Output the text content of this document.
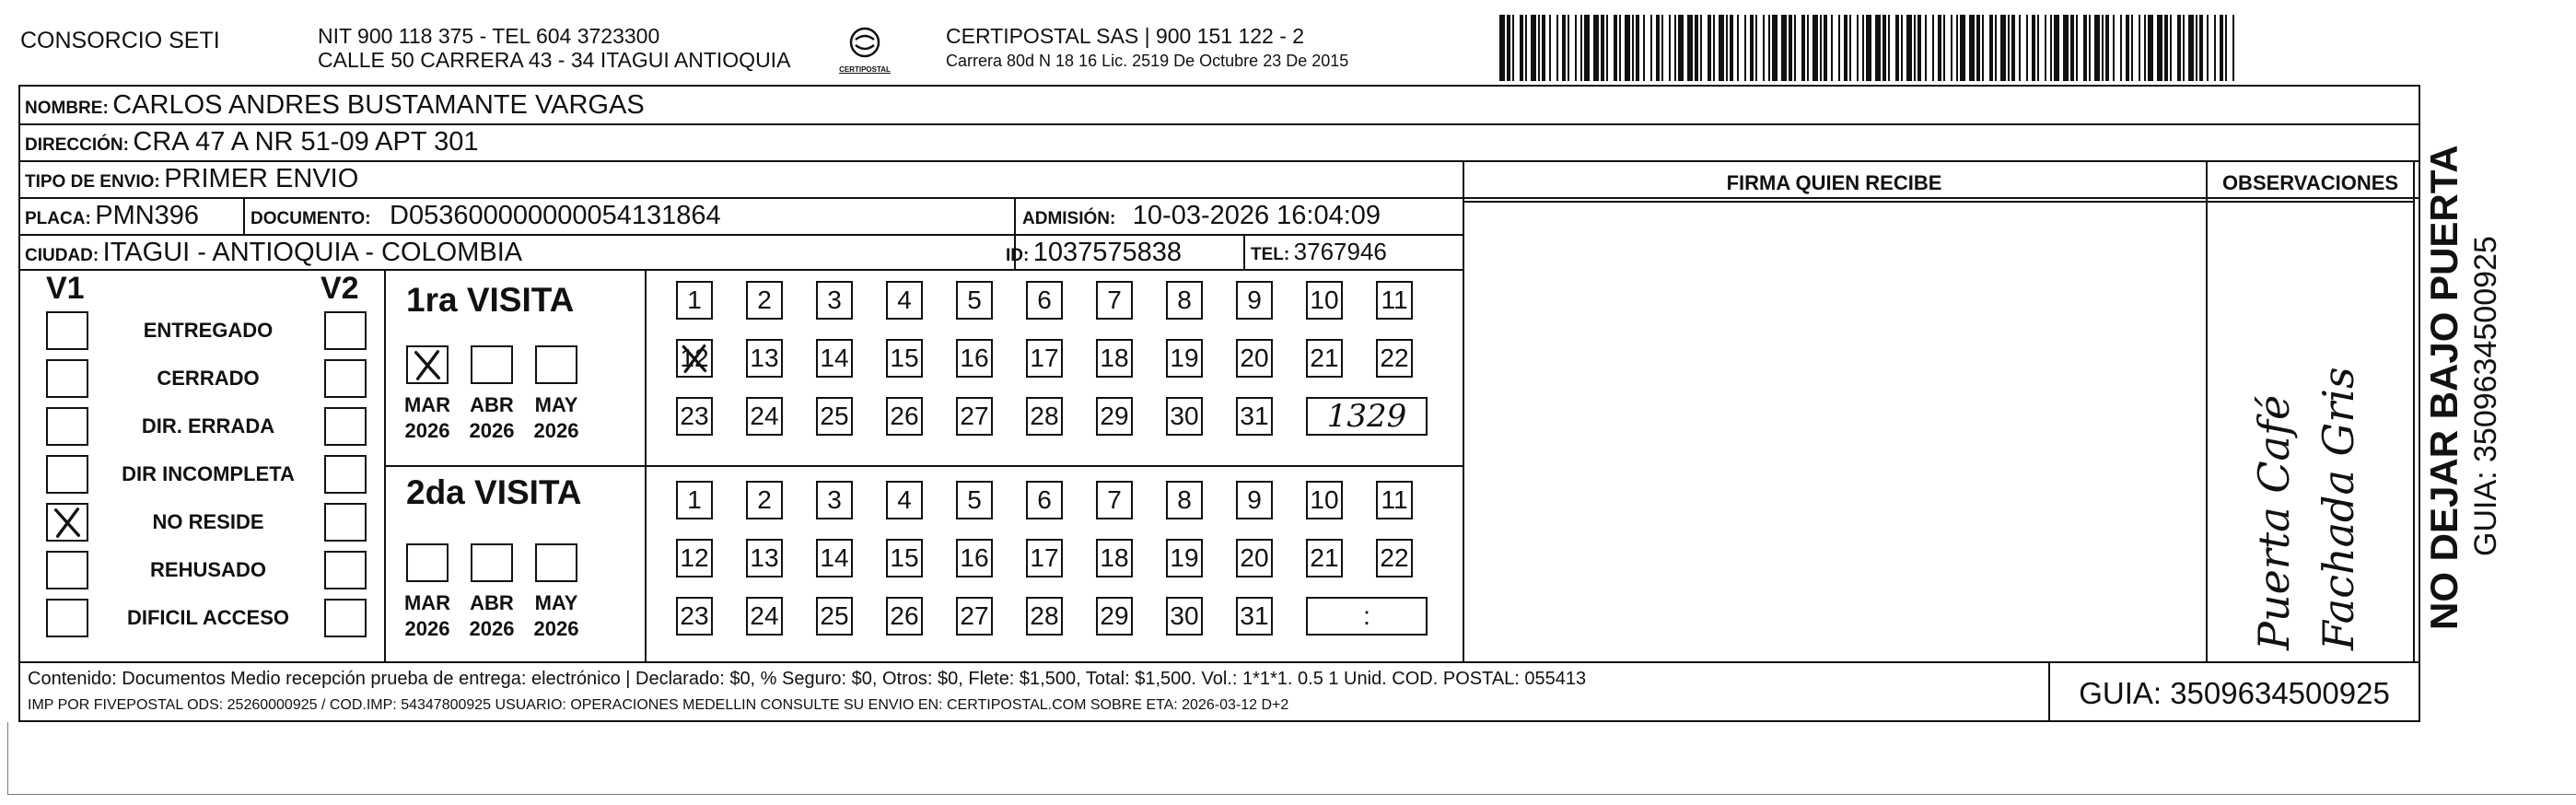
CONSORCIO SETI	NIT 900 118 375 - TEL 604 3723300
CALLE 50 CARRERA 43 - 34 ITAGUI ANTIOQUIA	CERTIPOSTAL
CERTIPOSTAL SAS | 900 151 122 - 2
Carrera 80d N 18 16 Lic. 2519 De Octubre 23 De 2015
NOMBRE: CARLOS ANDRES BUSTAMANTE VARGAS
DIRECCIÓN: CRA 47 A NR 51-09 APT 301
TIPO DE ENVIO: PRIMER ENVIO	FIRMA QUIEN RECIBE	OBSERVACIONES
PLACA: PMN396	DOCUMENTO: D053600000000054131864	ADMISIÓN: 10-03-2026 16:04:09
CIUDAD: ITAGUI - ANTIOQUIA - COLOMBIA	ID: 1037575838	TEL: 3767946
V1	V2
ENTREGADO
CERRADO
DIR. ERRADA
DIR INCOMPLETA
NO RESIDE
REHUSADO
DIFICIL ACCESO
1ra VISITA
MAR
2026
ABR
2026
MAY
2026
1 2 3 4 5 6 7 8 9 10 11
12 13 14 15 16 17 18 19 20 21 22
23 24 25 26 27 28 29 30 31	1329
2da VISITA
MAR
2026
ABR
2026
MAY
2026
1 2 3 4 5 6 7 8 9 10 11
12 13 14 15 16 17 18 19 20 21 22
23 24 25 26 27 28 29 30 31	:	Puerta Café Fachada Gris NO DEJAR BAJO PUERTA GUIA: 3509634500925
Contenido: Documentos Medio recepción prueba de entrega: electrónico | Declarado: $0, % Seguro: $0, Otros: $0, Flete: $1,500, Total: $1,500. Vol.: 1*1*1. 0.5 1 Unid. COD. POSTAL: 055413
IMP POR FIVEPOSTAL ODS: 25260000925 / COD.IMP: 54347800925 USUARIO: OPERACIONES MEDELLIN CONSULTE SU ENVIO EN: CERTIPOSTAL.COM SOBRE ETA: 2026-03-12 D+2	GUIA: 3509634500925
